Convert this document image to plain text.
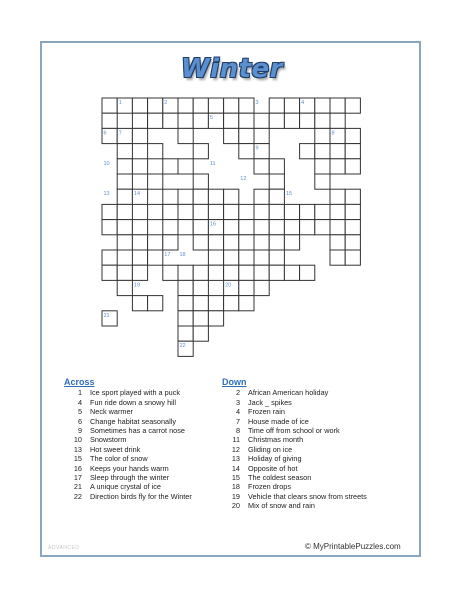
Winter
1	2	3	4
5
6 7	8
9
10	11
12
13	14	15
16
17 18
19	20
21
22
Across
1	Ice sport played with a puck
4	Fun ride down a snowy hill
5	Neck warmer
6	Change habitat seasonally
9	Sometimes has a carrot nose
10	Snowstorm
13	Hot sweet drink
15	The color of snow
16	Keeps your hands warm
17	Sleep through the winter
21	A unique crystal of ice
22	Direction birds fly for the Winter
Down
2	African American holiday
3	Jack _ spikes
4	Frozen rain
7	House made of ice
8	Time off from school or work
11	Christmas month
12	Gliding on ice
13	Holiday of giving
14	Opposite of hot
15	The coldest season
18	Frozen drops
19	Vehicle that clears snow from streets
20	Mix of snow and rain
ADVANCED	© MyPrintablePuzzles.com
